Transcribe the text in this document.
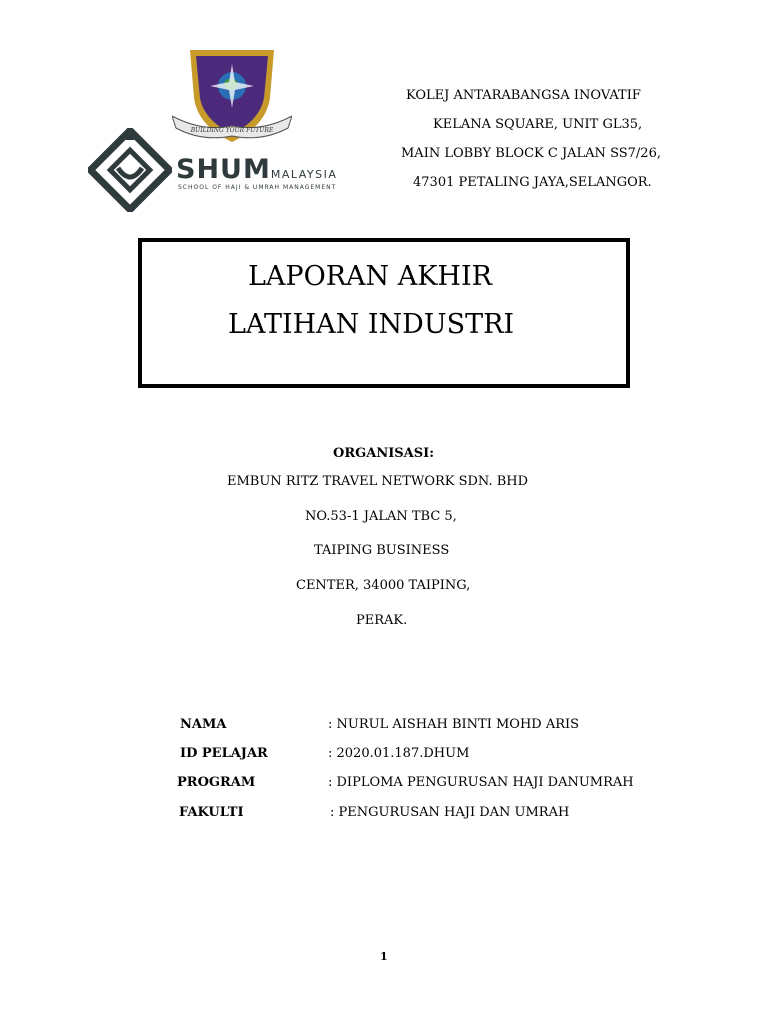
BUILDING YOUR FUTURE
SHUMMALAYSIA
SCHOOL OF HAJI & UMRAH MANAGEMENT
KOLEJ ANTARABANGSA INOVATIF
KELANA SQUARE, UNIT GL35,
MAIN LOBBY BLOCK C JALAN SS7/26,
47301 PETALING JAYA,SELANGOR.
LAPORAN AKHIR
LATIHAN INDUSTRI
ORGANISASI:
EMBUN RITZ TRAVEL NETWORK SDN. BHD
NO.53-1 JALAN TBC 5,
TAIPING BUSINESS
CENTER, 34000 TAIPING,
PERAK.
NAMA	: NURUL AISHAH BINTI MOHD ARIS
ID PELAJAR	: 2020.01.187.DHUM
PROGRAM	: DIPLOMA PENGURUSAN HAJI DANUMRAH
FAKULTI	: PENGURUSAN HAJI DAN UMRAH
1
